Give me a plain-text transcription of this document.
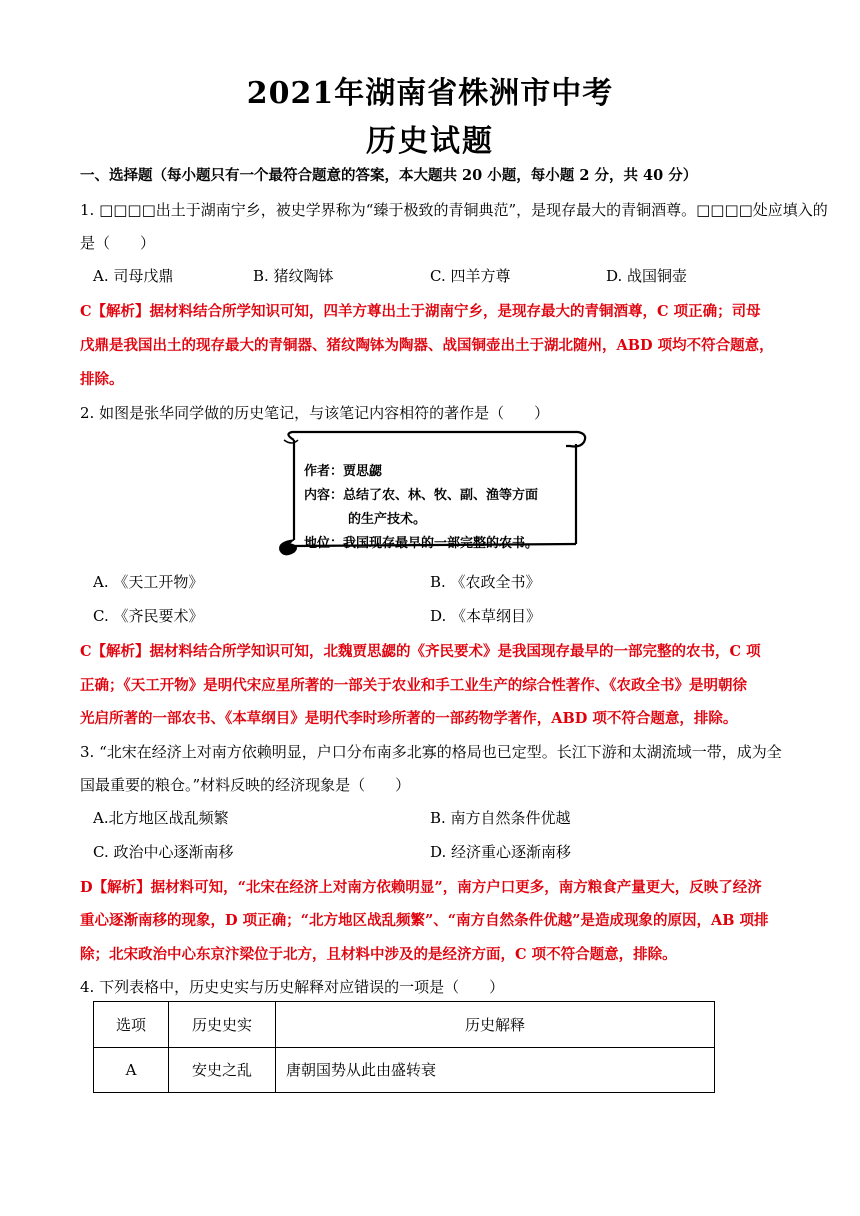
2021年湖南省株洲市中考
历史试题
一、选择题（每小题只有一个最符合题意的答案，本大题共 20 小题，每小题 2 分，共 40 分）
1. □□□□出土于湖南宁乡，被史学界称为“臻于极致的青铜典范”，是现存最大的青铜酒尊。□□□□处应填入的
是（　　）
A. 司母戊鼎	B. 猪纹陶钵	C. 四羊方尊	D. 战国铜壶
C【解析】据材料结合所学知识可知，四羊方尊出土于湖南宁乡，是现存最大的青铜酒尊，C 项正确；司母
戊鼎是我国出土的现存最大的青铜器、猪纹陶钵为陶器、战国铜壶出土于湖北随州，ABD 项均不符合题意，
排除。
2. 如图是张华同学做的历史笔记，与该笔记内容相符的著作是（　　）
作者：贾思勰
内容：总结了农、林、牧、副、渔等方面
的生产技术。
地位：我国现存最早的一部完整的农书。
A. 《天工开物》	B. 《农政全书》
C. 《齐民要术》	D. 《本草纲目》
C【解析】据材料结合所学知识可知，北魏贾思勰的《齐民要术》是我国现存最早的一部完整的农书，C 项
正确；《天工开物》是明代宋应星所著的一部关于农业和手工业生产的综合性著作、《农政全书》是明朝徐
光启所著的一部农书、《本草纲目》是明代李时珍所著的一部药物学著作，ABD 项不符合题意，排除。
3. “北宋在经济上对南方依赖明显，户口分布南多北寡的格局也已定型。长江下游和太湖流域一带，成为全
国最重要的粮仓。”材料反映的经济现象是（　　）
A.北方地区战乱频繁	B. 南方自然条件优越
C. 政治中心逐渐南移	D. 经济重心逐渐南移
D【解析】据材料可知，“北宋在经济上对南方依赖明显”，南方户口更多，南方粮食产量更大，反映了经济
重心逐渐南移的现象，D 项正确；“北方地区战乱频繁”、“南方自然条件优越”是造成现象的原因，AB 项排
除；北宋政治中心东京汴梁位于北方，且材料中涉及的是经济方面，C 项不符合题意，排除。
4. 下列表格中，历史史实与历史解释对应错误的一项是（　　）
选项	历史史实	历史解释
A	安史之乱	唐朝国势从此由盛转衰
